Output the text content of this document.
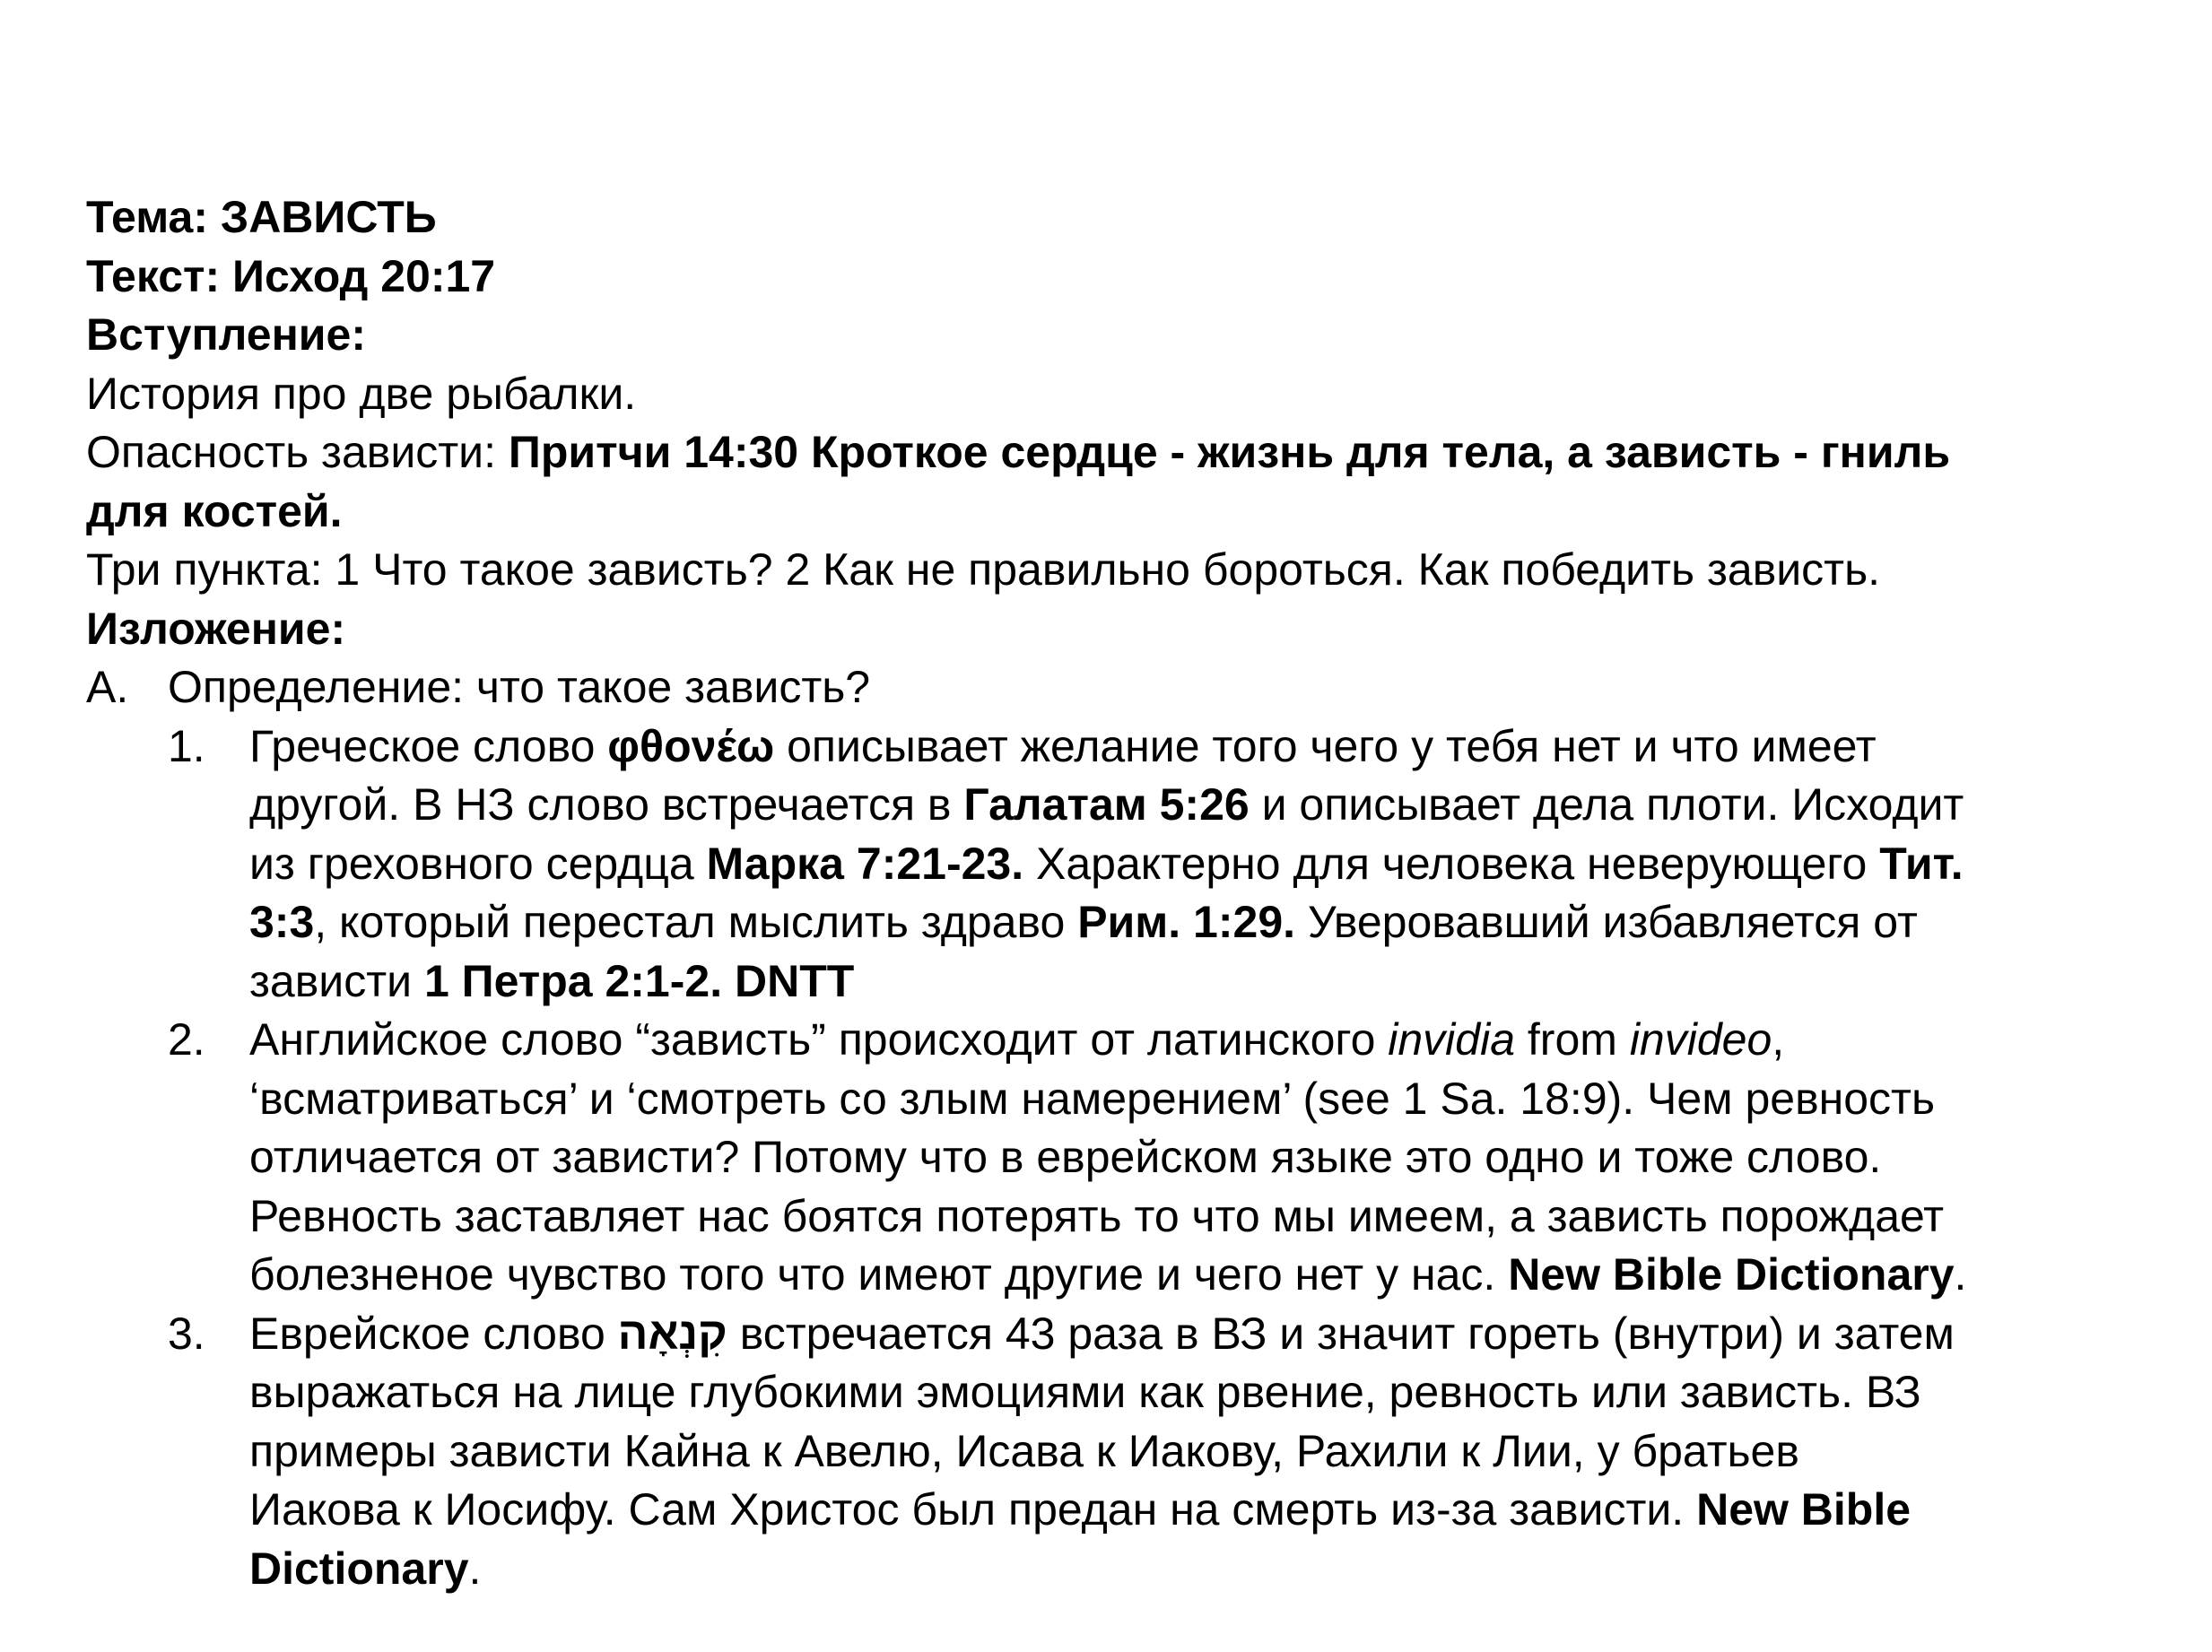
Тема: ЗАВИСТЬ
Текст: Исход 20:17
Вступление:
История про две рыбалки.
Опасность зависти: Притчи 14:30 Кроткое сердце - жизнь для тела, а зависть - гниль
для костей.
Три пункта: 1 Что такое зависть? 2 Как не правильно бороться. Как победить зависть.
Изложение:
A. Определение: что такое зависть?
1. Греческое слово φθονέω описывает желание того чего у тебя нет и что имеет

другой. В НЗ слово встречается в Галатам 5:26 и описывает дела плоти. Исходит

из греховного сердца Марка 7:21-23. Характерно для человека неверующего Тит.

3:3, который перестал мыслить здраво Рим. 1:29. Уверовавший избавляется от

зависти 1 Петра 2:1-2. DNTT

2. Английское слово “зависть” происходит от латинского invidia from invideo,

‘всматриваться’ и ‘смотреть со злым намерением’ (see 1 Sa. 18:9). Чем ревность

отличается от зависти? Потому что в еврейском языке это одно и тоже слово.

Ревность заставляет нас боятся потерять то что мы имеем, а зависть порождает

болезненое чувство того что имеют другие и чего нет у нас. New Bible Dictionary.

3. Еврейское слово קִנְאָה встречается 43 раза в ВЗ и значит гореть (внутри) и затем

выражаться на лице глубокими эмоциями как рвение, ревность или зависть. ВЗ

примеры зависти Кайна к Авелю, Исава к Иакову, Рахили к Лии, у братьев

Иакова к Иосифу. Сам Христос был предан на смерть из-за зависти. New Bible

Dictionary.
